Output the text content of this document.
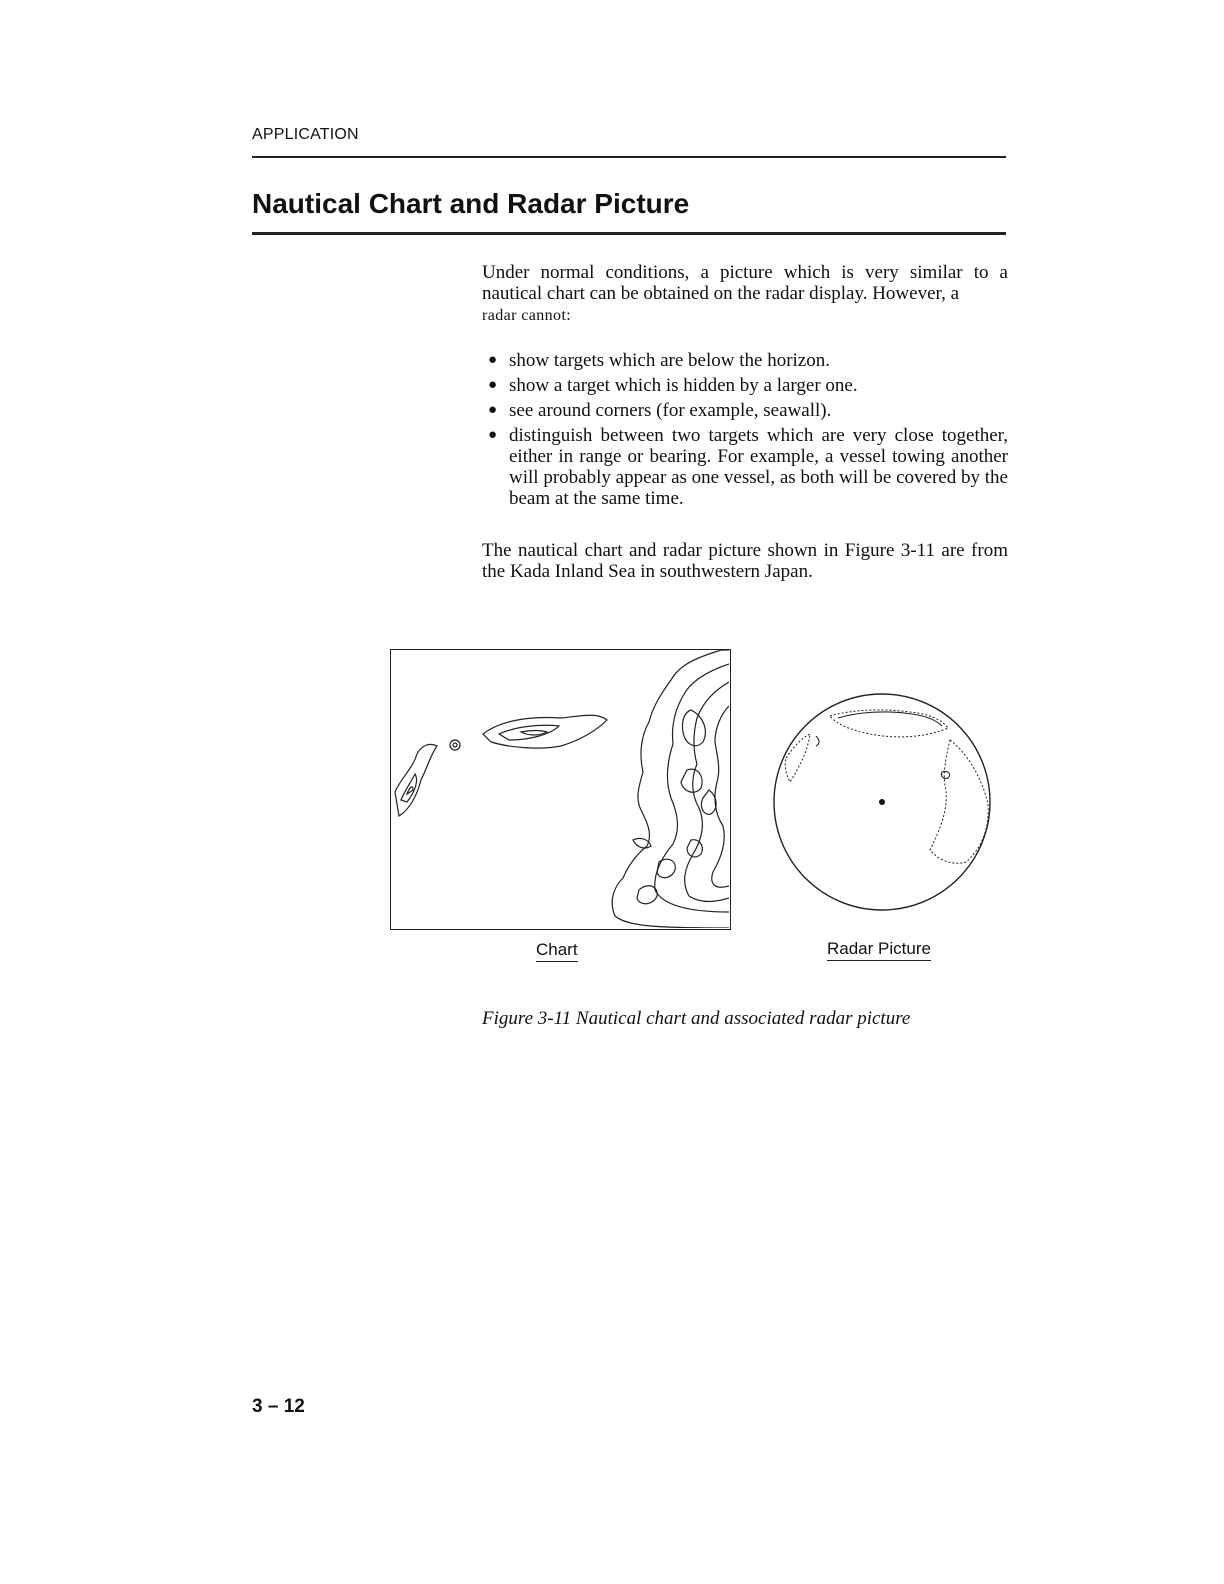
APPLICATION
Nautical Chart and Radar Picture
Under normal conditions, a picture which is very similar to a nautical chart can be obtained on the radar display. However, a
radar cannot:
● show targets which are below the horizon.
● show a target which is hidden by a larger one.
● see around corners (for example, seawall).
● distinguish between two targets which are very close together, either in range or bearing. For example, a vessel towing another will probably appear as one vessel, as both will be covered by the beam at the same time.
The nautical chart and radar picture shown in Figure 3-11 are from the Kada Inland Sea in southwestern Japan.
Chart	Radar Picture
Figure 3-11 Nautical chart and associated radar picture
3 – 12
